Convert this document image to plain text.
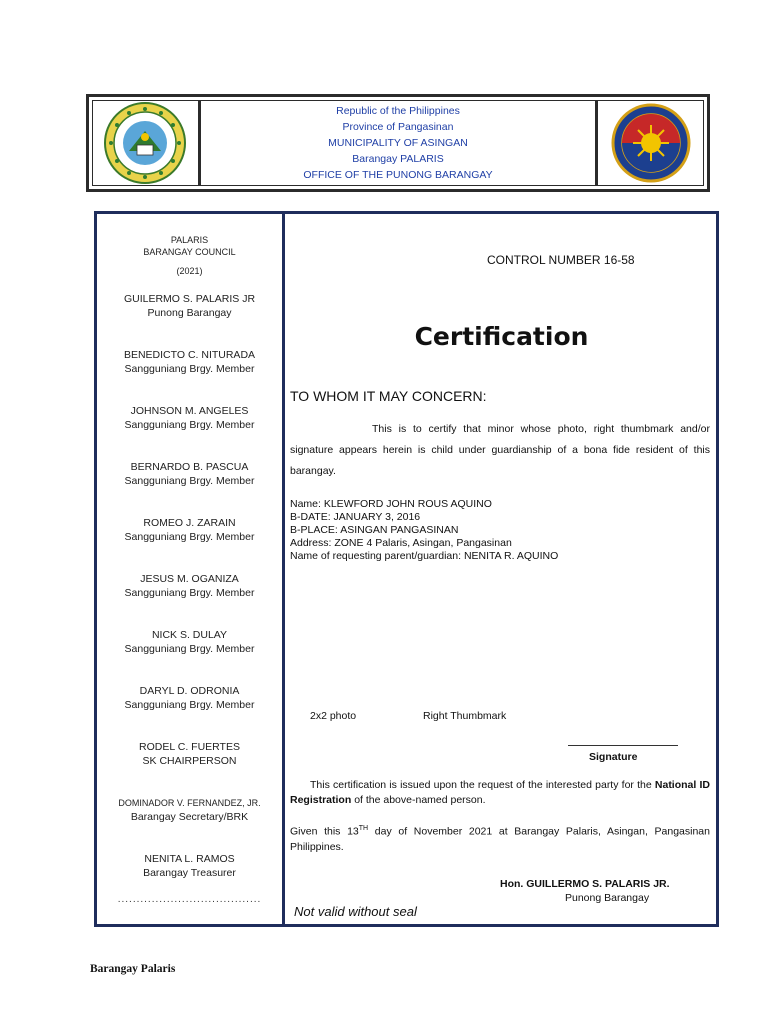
Republic of the Philippines
Province of Pangasinan
MUNICIPALITY OF ASINGAN
Barangay PALARIS
OFFICE OF THE PUNONG BARANGAY
PALARIS
BARANGAY COUNCIL
(2021)
GUILERMO S. PALARIS JR
Punong Barangay
BENEDICTO C. NITURADA
Sangguniang Brgy. Member
JOHNSON M. ANGELES
Sangguniang Brgy. Member
BERNARDO B. PASCUA
Sangguniang Brgy. Member
ROMEO J. ZARAIN
Sangguniang Brgy. Member
JESUS M. OGANIZA
Sangguniang Brgy. Member
NICK S. DULAY
Sangguniang Brgy. Member
DARYL D. ODRONIA
Sangguniang Brgy. Member
RODEL C. FUERTES
SK CHAIRPERSON
DOMINADOR V. FERNANDEZ, JR.
Barangay Secretary/BRK
NENITA L. RAMOS
Barangay Treasurer
......................................
CONTROL NUMBER 16-58
Certification
TO WHOM IT MAY CONCERN:
This is to certify that minor whose photo, right thumbmark and/or signature appears herein is child under guardianship of a bona fide resident of this barangay.
Name: KLEWFORD JOHN ROUS AQUINO
B-DATE: JANUARY 3, 2016
B-PLACE: ASINGAN PANGASINAN
Address: ZONE 4 Palaris, Asingan, Pangasinan
Name of requesting parent/guardian: NENITA R. AQUINO
2x2 photo	Right Thumbmark
Signature
This certification is issued upon the request of the interested party for the National ID Registration of the above-named person.
Given this 13TH day of November 2021 at Barangay Palaris, Asingan, Pangasinan Philippines.
Hon. GUILLERMO S. PALARIS JR.
Punong Barangay
Not valid without seal
Barangay Palaris
